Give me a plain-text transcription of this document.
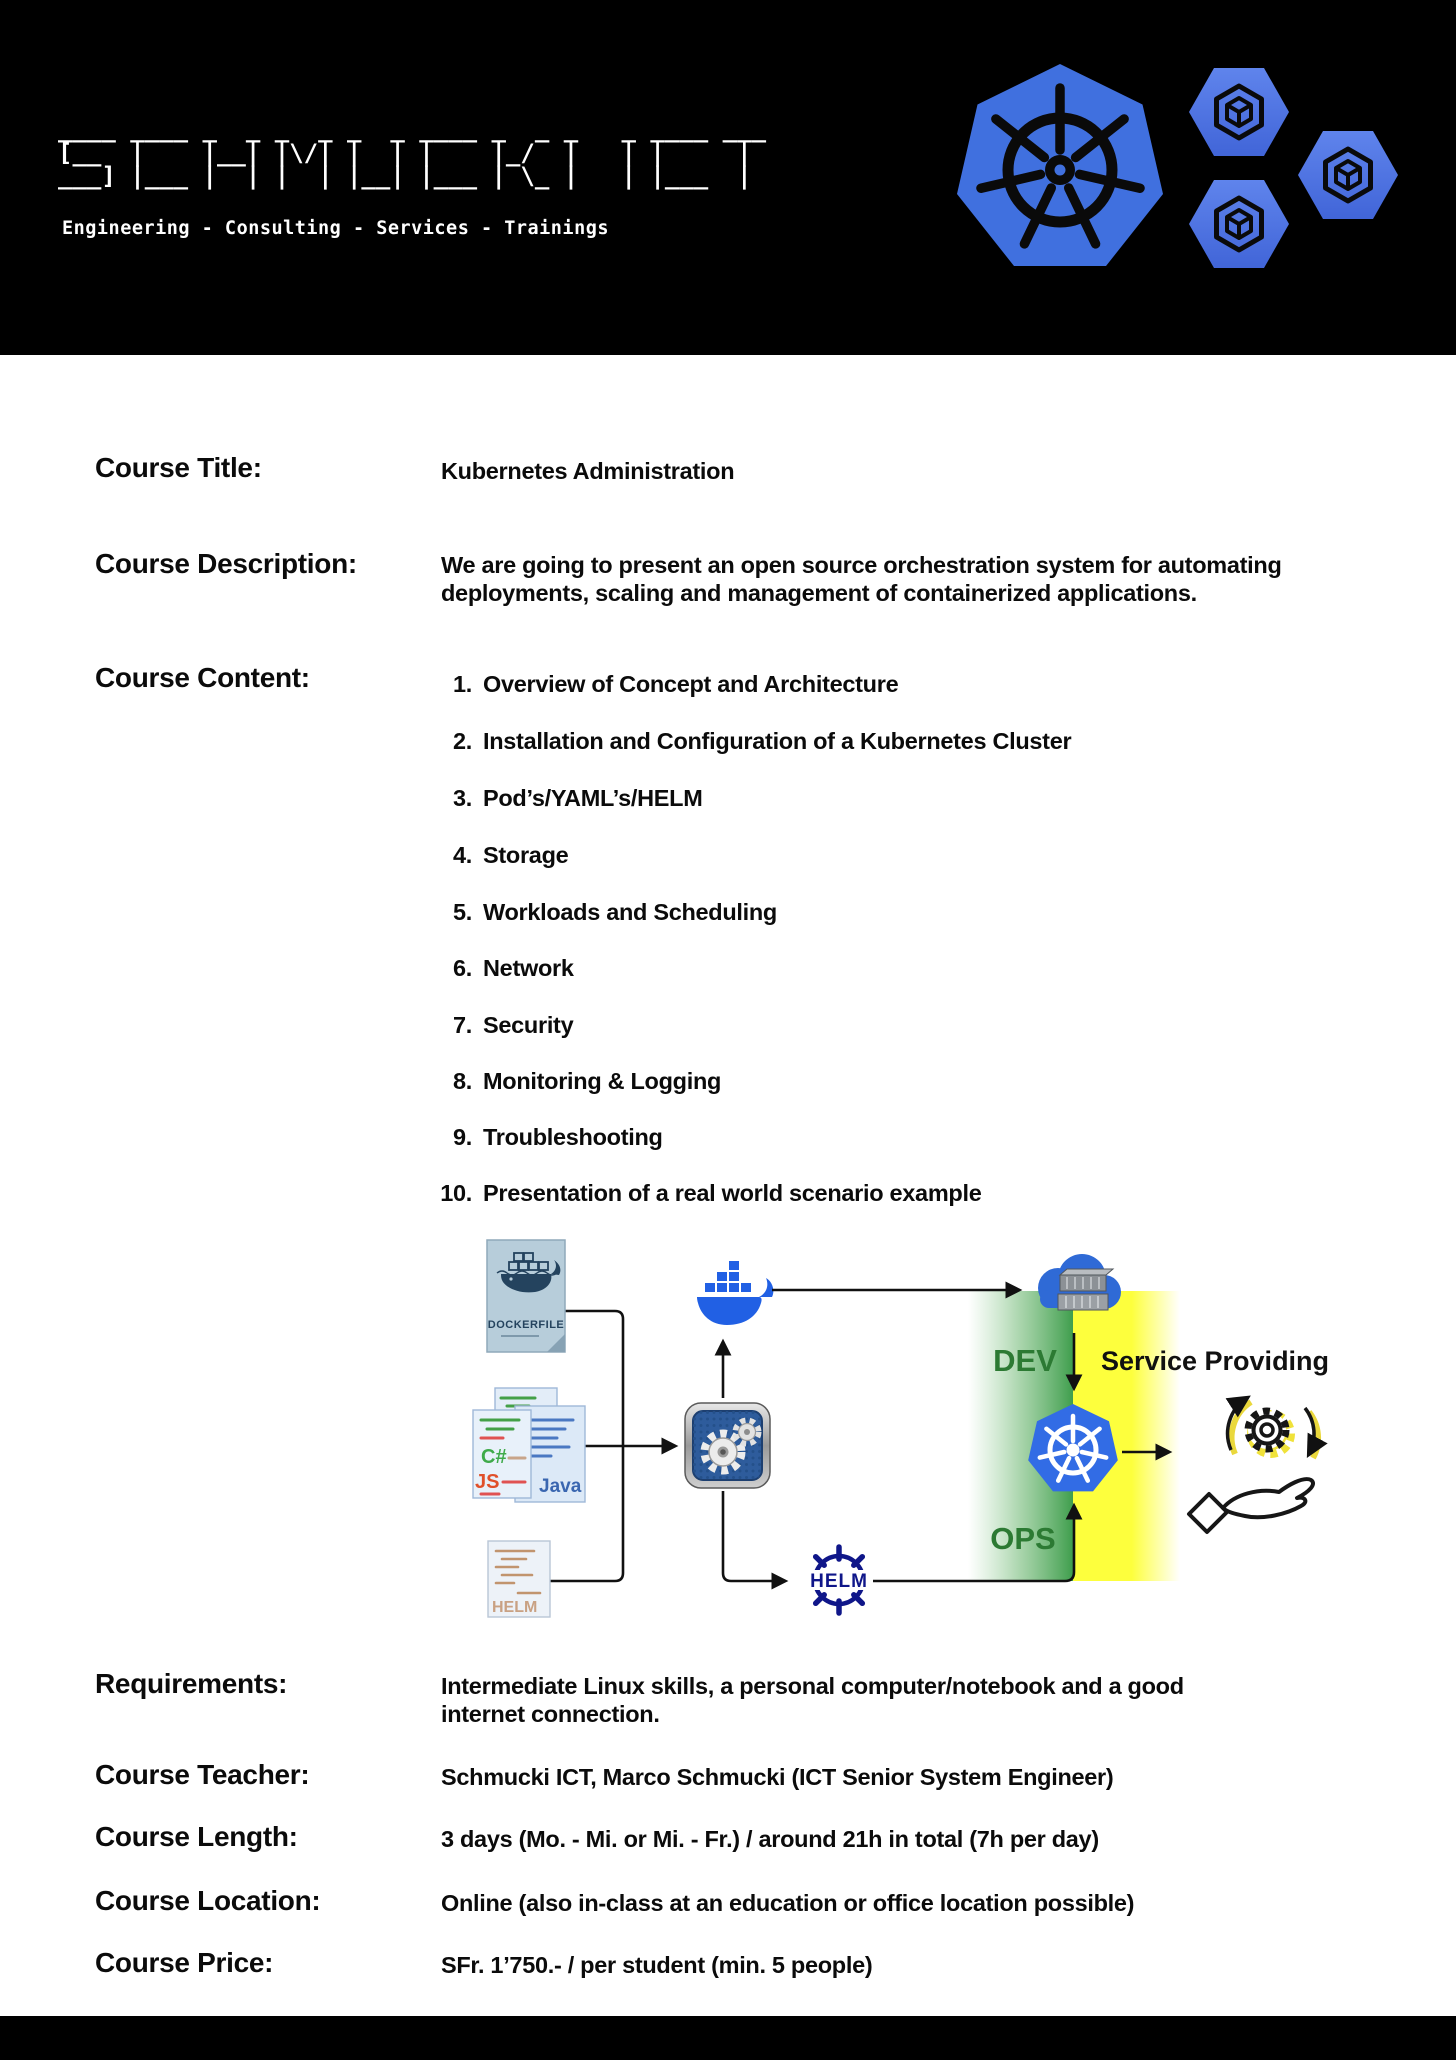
____ ____ _  _ _  _ _  _ ____ _  _ _   _ ____ ___
[__  |    |__| |\/| |  | |    |_/  |   | |     |
___] |___ |  | |  | |__| |___ | \_ |   | |___  |
Engineering - Consulting - Services - Trainings
Course Title:	Kubernetes Administration
Course Description:	We are going to present an open source orchestration system for automating
deployments, scaling and management of containerized applications.
Course Content:	1. Overview of Concept and Architecture
2. Installation and Configuration of a Kubernetes Cluster
3. Pod’s/YAML’s/HELM
4. Storage
5. Workloads and Scheduling
6. Network
7. Security
8. Monitoring & Logging
9. Troubleshooting
10. Presentation of a real world scenario example
DOCKERFILE
Java
C#
JS
HELM
DEV
OPS
HELM
Service Providing
Requirements:	Intermediate Linux skills, a personal computer/notebook and a good
internet connection.
Course Teacher:	Schmucki ICT, Marco Schmucki (ICT Senior System Engineer)
Course Length:	3 days (Mo. - Mi. or Mi. - Fr.) / around 21h in total (7h per day)
Course Location:	Online (also in-class at an education or office location possible)
Course Price:	SFr. 1’750.- / per student (min. 5 people)
